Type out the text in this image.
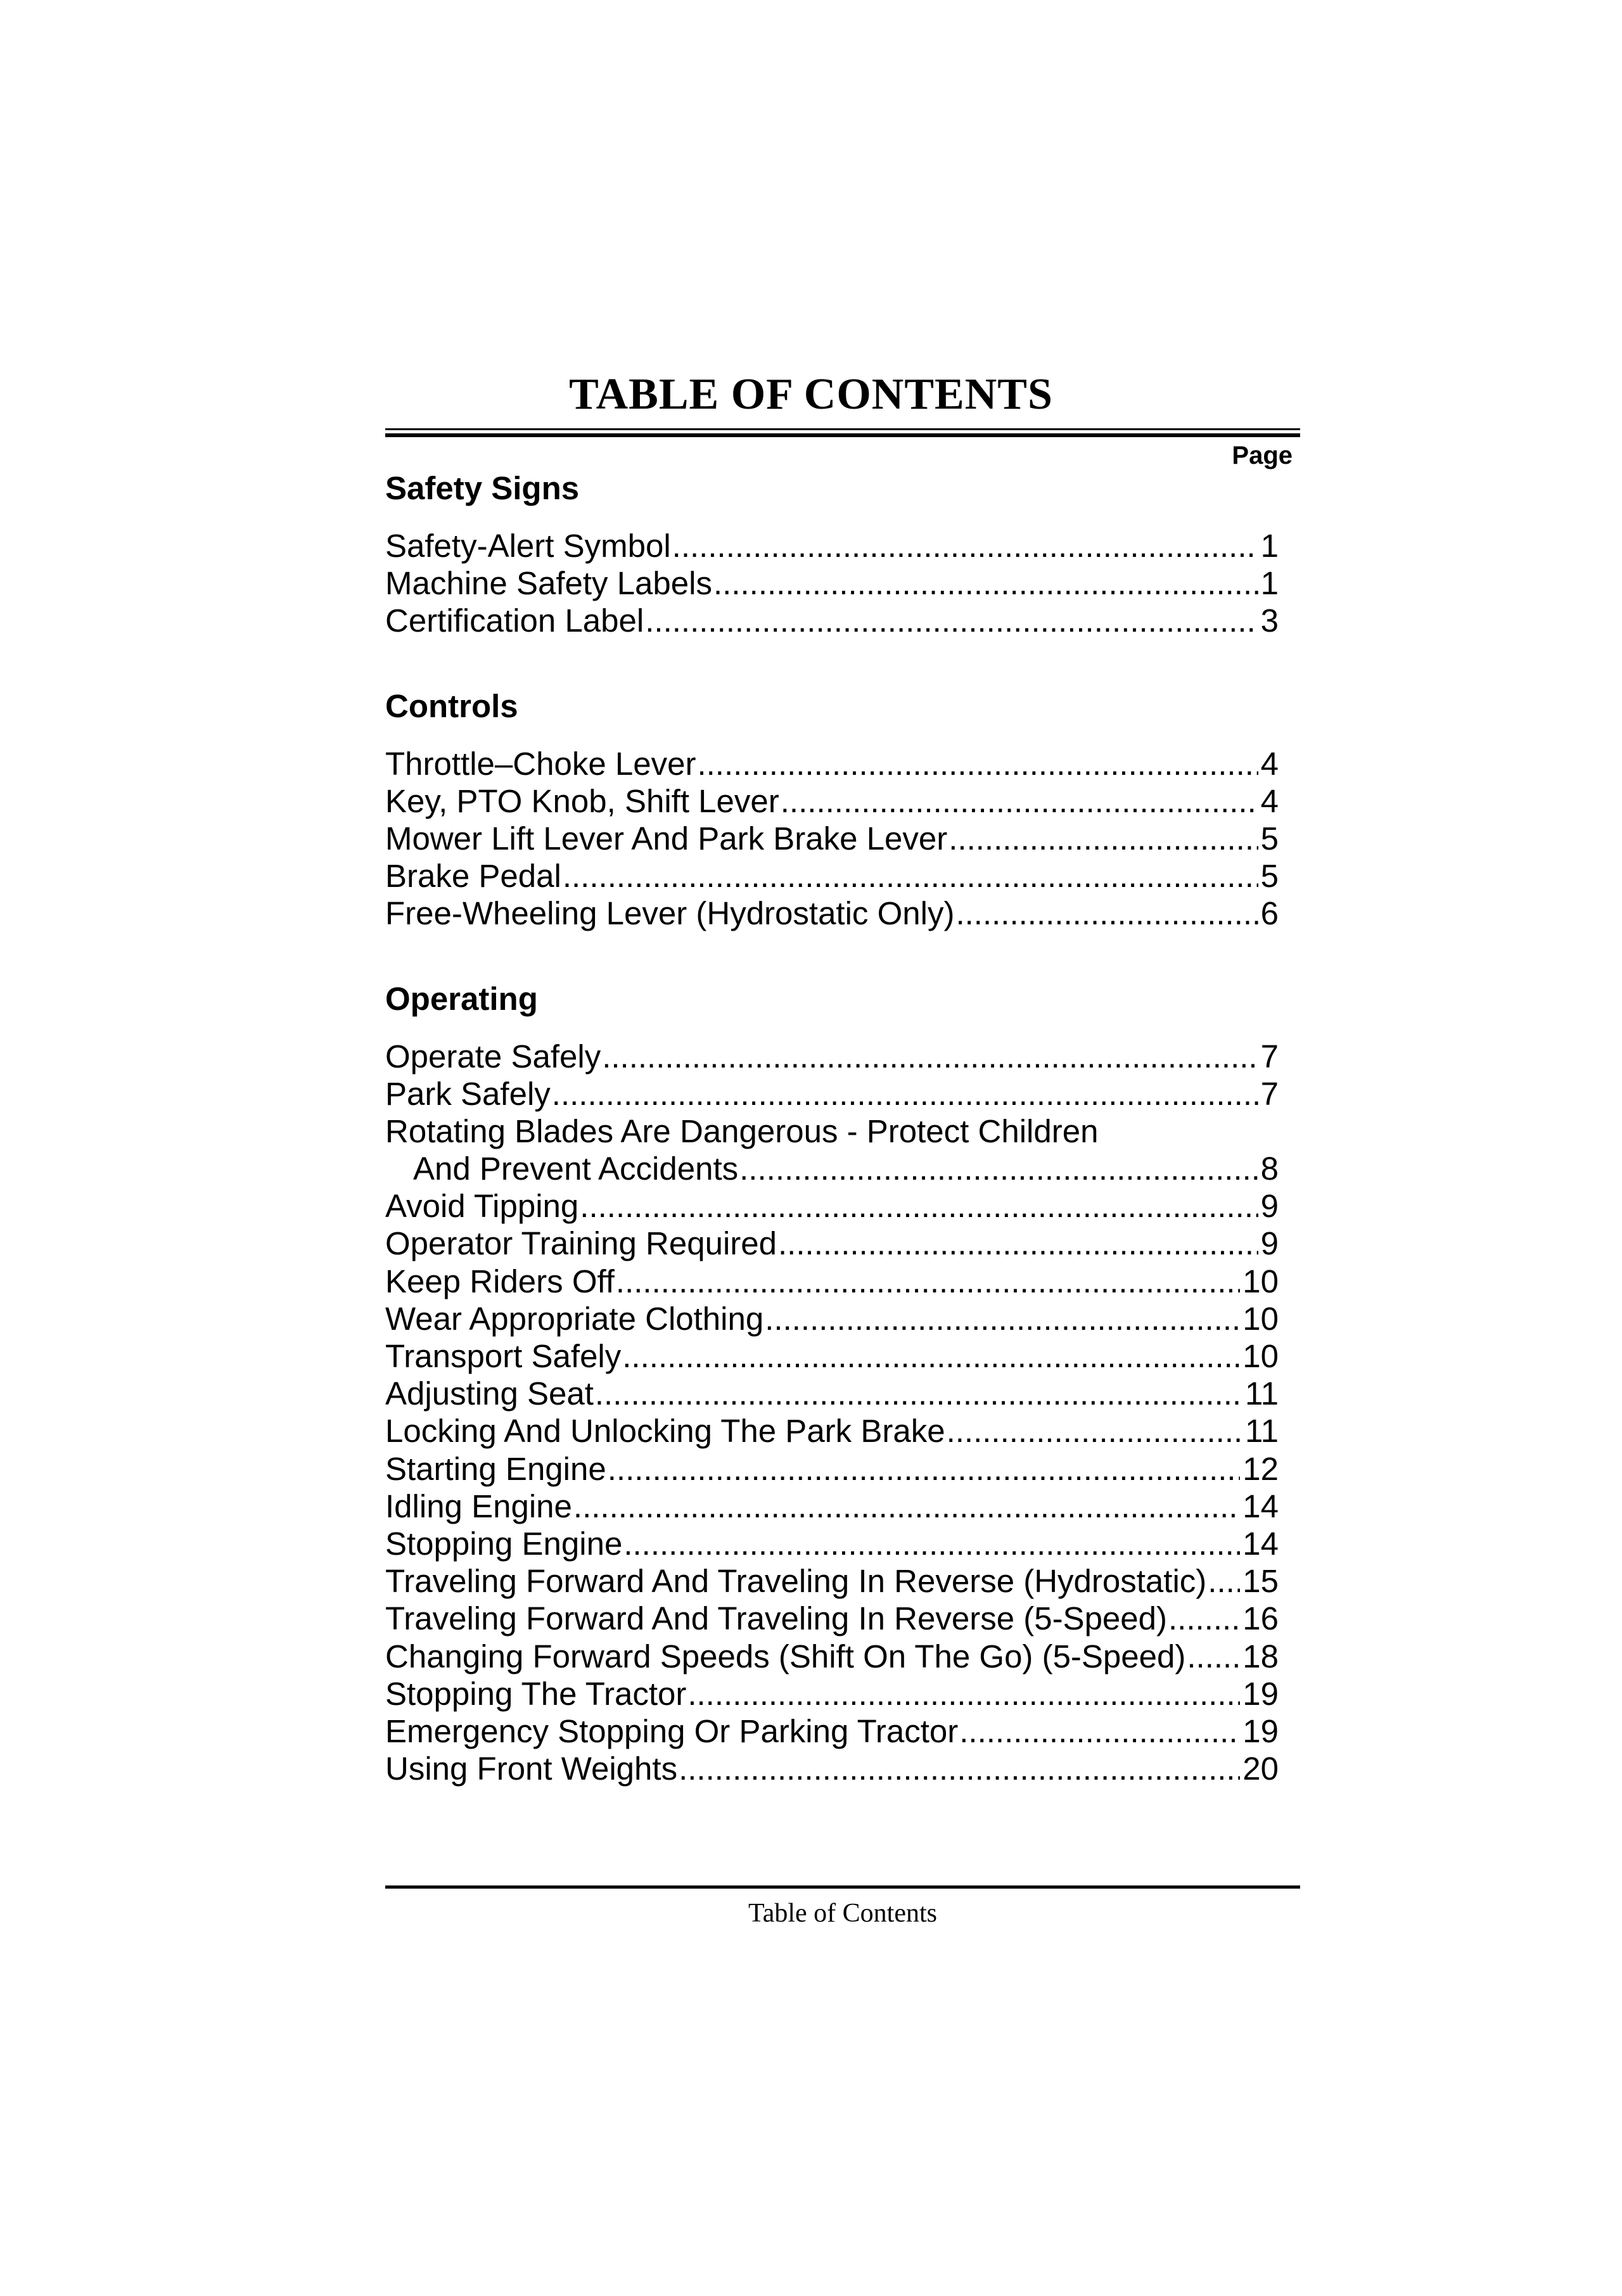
TABLE OF CONTENTS
Page
Safety Signs
Safety-Alert Symbol .....	1
Machine Safety Labels .....	1
Certification Label .....	3
Controls
Throttle–Choke Lever .....	4
Key, PTO Knob, Shift Lever .....	4
Mower Lift Lever And Park Brake Lever .....	5
Brake Pedal .....	5
Free-Wheeling Lever (Hydrostatic Only) .....	6
Operating
Operate Safely .....	7
Park Safely .....	7
Rotating Blades Are Dangerous - Protect Children
And Prevent Accidents .....	8
Avoid Tipping .....	9
Operator Training Required .....	9
Keep Riders Off .....	10
Wear Appropriate Clothing .....	10
Transport Safely .....	10
Adjusting Seat .....	11
Locking And Unlocking The Park Brake .....	11
Starting Engine .....	12
Idling Engine .....	14
Stopping Engine .....	14
Traveling Forward And Traveling In Reverse (Hydrostatic) ..... 15
Traveling Forward And Traveling In Reverse (5-Speed) ..... 16
Changing Forward Speeds (Shift On The Go) (5-Speed) ..... 18
Stopping The Tractor .....	19
Emergency Stopping Or Parking Tractor .....	19
Using Front Weights .....	20
Table of Contents
